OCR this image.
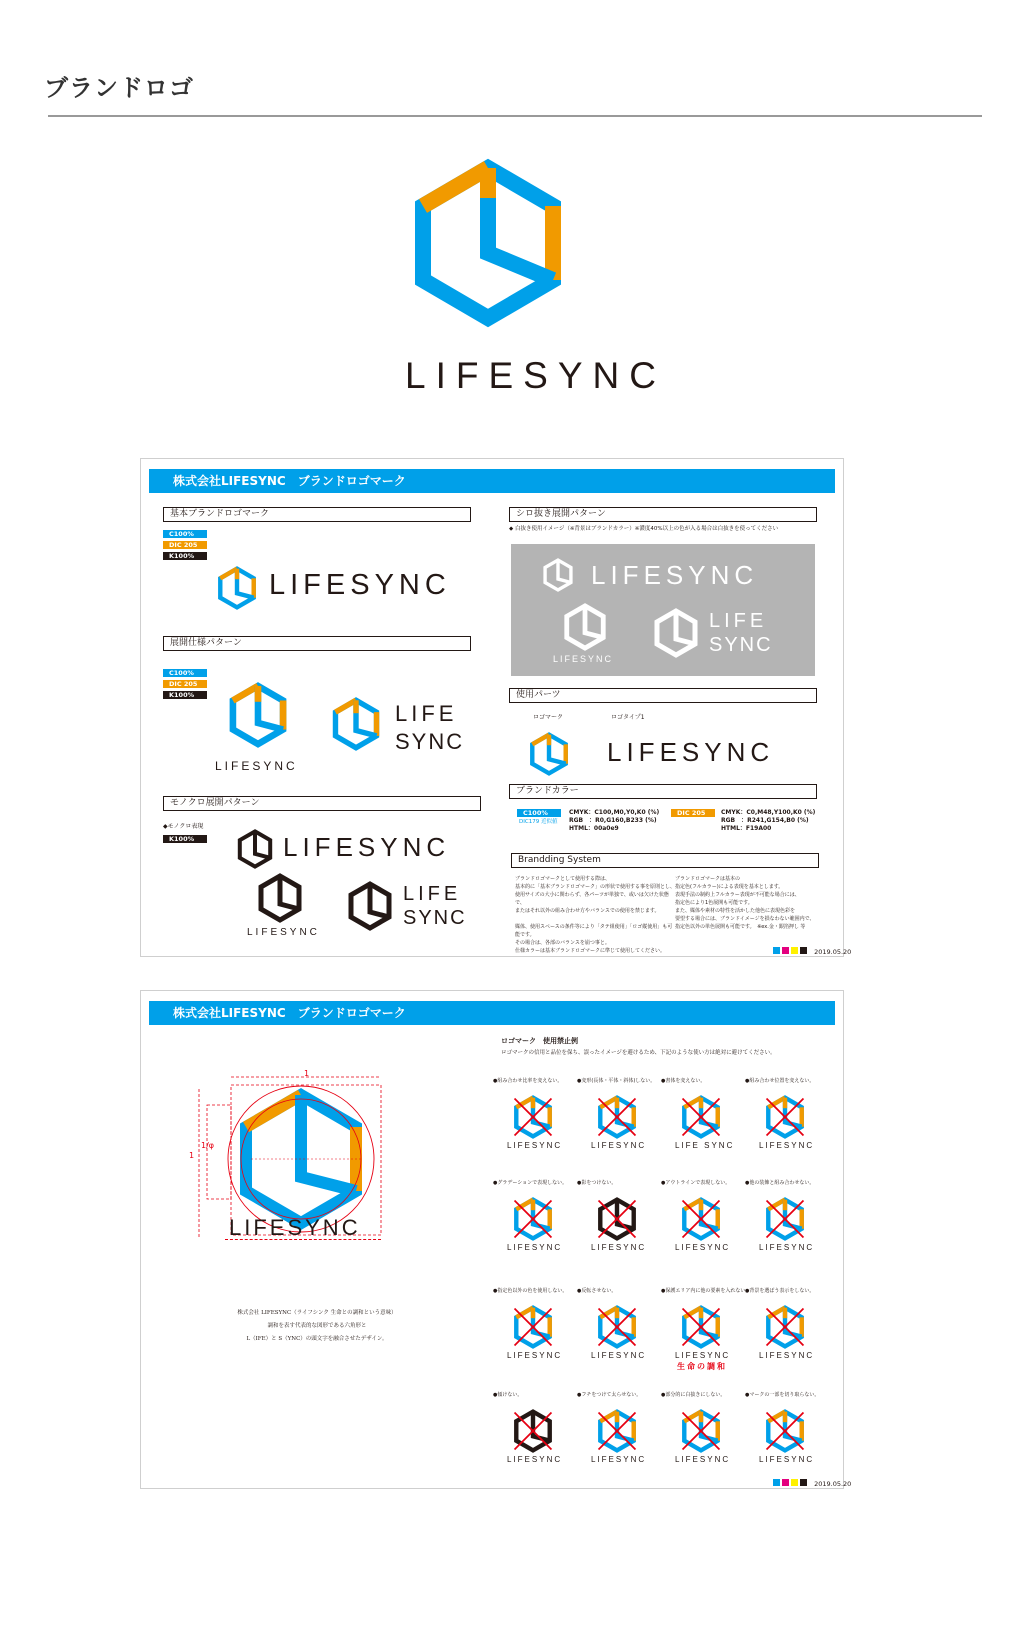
ブランドロゴ
LIFESYNC
株式会社LIFESYNC　ブランドロゴマーク
基本ブランドロゴマーク
C100%
DIC 205
K100%
LIFESYNC
展開仕様パターン
C100%
DIC 205
K100%
LIFESYNC
LIFE
SYNC
モノクロ展開パターン
◆モノクロ表現
K100%	LIFESYNC
LIFESYNC
LIFE
SYNC
シロ抜き展開パターン
◆ 白抜き使用イメージ（※背景はブランドカラー）※濃度40%以上の色が入る場合は白抜きを使ってください
LIFESYNC
LIFESYNC
LIFE
SYNC
使用パーツ
ロゴマーク	ロゴタイプ1
LIFESYNC
ブランドカラー
C100%
DIC179 近似値
CMYK：C100,M0,Y0,K0 (%)
RGB　：R0,G160,B233 (%)
HTML：00a0e9
DIC 205	CMYK：C0,M48,Y100,K0 (%)
RGB　：R241,G154,B0 (%)
HTML：F19A00
Brandding System
ブランドロゴマークとして使用する際は、
基本的に「基本ブランドロゴマーク」の形状で使用する事を原則とし、
使用サイズの大小に関わらず、各パーツが単独で、或いは欠けた状態で、
またはそれ以外の組み合わせ方やバランスでの使用を禁じます。
媒体、使用スペースの条件等により「タテ組使用」「ロゴ縦使用」も可能です。
その場合は、各部のバランスを崩つ事と。
仕様カラーは基本ブランドロゴマークに準じて使用してください。
ブランドロゴマークは基本の
指定色(フルカラー)による表現を基本とします。
表現手法の制約上フルカラー表現が不可能な場合には、
指定色により1色展開も可能です。
また、媒体や素材の特性を活かした他色に表現色彩を
要望する場合には、ブランドイメージを損なわない範囲内で、
指定色以外の単色展開も可能です。　※ex.金・銀箔押し 等
2019.05.20
株式会社LIFESYNC　ブランドロゴマーク
1
1
1/φ
LIFESYNC
株式会社 LIFESYNC（ライフシンク 生命との調和という意味）
調和を表す代表的な図形である六角形と
L（IFE）と S（YNC）の頭文字を融合させたデザイン。
ロゴマーク　使用禁止例
ロゴマークの信用と品位を保ち、誤ったイメージを避けるため、下記のような使い方は絶対に避けてください。
●組み合わせ比率を変えない。
LIFESYNC
●変形(長体・平体・斜体)しない。
LIFESYNC
●書体を変えない。
LIFE SYNC
●組み合わせ位置を変えない。
LIFESYNC
●グラデーションで表現しない。
LIFESYNC
●影をつけない。
LIFESYNC
●アウトラインで表現しない。
LIFESYNC
●他の装飾と組み合わせない。
LIFESYNC
●指定色以外の色を使用しない。
LIFESYNC
●反転させない。
LIFESYNC
●保護エリア内に他の要素を入れない。
LIFESYNC
生命の調和
●背景を選ばう表示をしない。
LIFESYNC
●傾けない。
LIFESYNC
●フチをつけて太らせない。
LIFESYNC
●部分的に白抜きにしない。
LIFESYNC
●マークの一部を切り取らない。
LIFESYNC
2019.05.20
